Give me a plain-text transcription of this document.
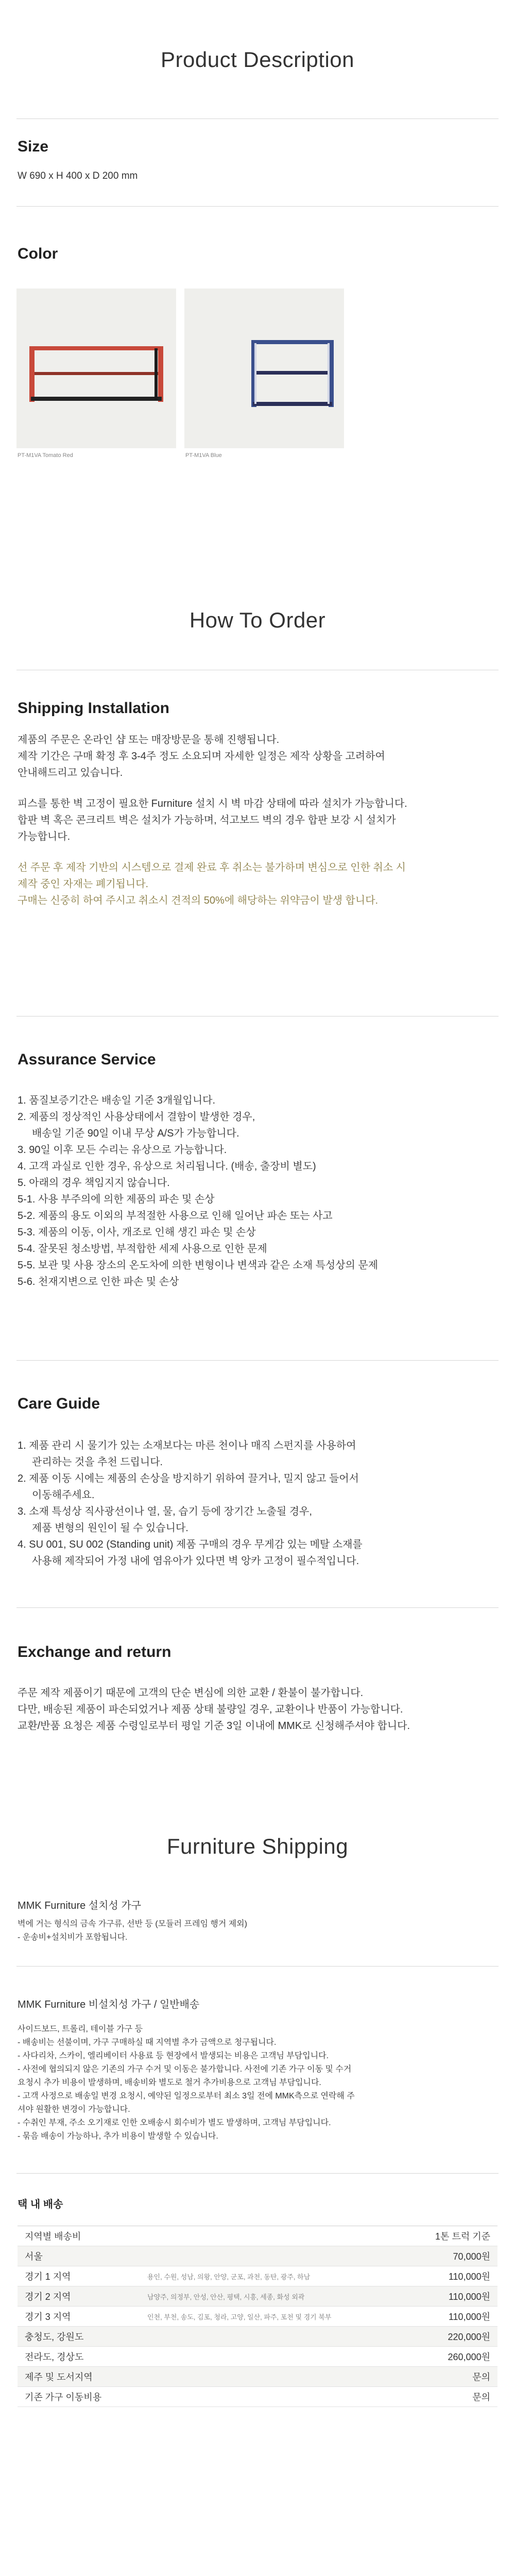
Product Description
Size
W 690 x H 400 x D 200 mm
Color
PT-M1VA Tomato Red	PT-M1VA Blue
How To Order
Shipping Installation
제품의 주문은 온라인 샵 또는 매장방문을 통해 진행됩니다.
제작 기간은 구매 확정 후 3-4주 정도 소요되며 자세한 일정은 제작 상황을 고려하여
안내해드리고 있습니다.
피스를 통한 벽 고정이 필요한 Furniture 설치 시 벽 마감 상태에 따라 설치가 가능합니다.
합판 벽 혹은 콘크리트 벽은 설치가 가능하며, 석고보드 벽의 경우 합판 보강 시 설치가
가능합니다.
선 주문 후 제작 기반의 시스템으로 결제 완료 후 취소는 불가하며 변심으로 인한 취소 시
제작 중인 자재는 폐기됩니다.
구매는 신중히 하여 주시고 취소시 견적의 50%에 해당하는 위약금이 발생 합니다.
Assurance Service
1. 품질보증기간은 배송일 기준 3개월입니다.
2. 제품의 정상적인 사용상태에서 결함이 발생한 경우,
배송일 기준 90일 이내 무상 A/S가 가능합니다.
3. 90일 이후 모든 수리는 유상으로 가능합니다.
4. 고객 과실로 인한 경우, 유상으로 처리됩니다. (배송, 출장비 별도)
5. 아래의 경우 책임지지 않습니다.
5-1. 사용 부주의에 의한 제품의 파손 및 손상
5-2. 제품의 용도 이외의 부적절한 사용으로 인해 일어난 파손 또는 사고
5-3. 제품의 이동, 이사, 개조로 인해 생긴 파손 및 손상
5-4. 잘못된 청소방법, 부적합한 세제 사용으로 인한 문제
5-5. 보관 및 사용 장소의 온도차에 의한 변형이나 변색과 같은 소재 특성상의 문제
5-6. 천재지변으로 인한 파손 및 손상
Care Guide
1. 제품 관리 시 물기가 있는 소재보다는 마른 천이나 매직 스펀지를 사용하여
관리하는 것을 추천 드립니다.
2. 제품 이동 시에는 제품의 손상을 방지하기 위하여 끌거나, 밀지 않고 들어서
이동해주세요.
3. 소재 특성상 직사광선이나 열, 물, 습기 등에 장기간 노출될 경우,
제품 변형의 원인이 될 수 있습니다.
4. SU 001, SU 002 (Standing unit) 제품 구매의 경우 무게감 있는 메탈 소재를
사용해 제작되어 가정 내에 염유아가 있다면 벽 앙카 고정이 필수적입니다.
Exchange and return
주문 제작 제품이기 때문에 고객의 단순 변심에 의한 교환 / 환불이 불가합니다.
다만, 배송된 제품이 파손되었거나 제품 상태 불량일 경우, 교환이나 반품이 가능합니다.
교환/반품 요청은 제품 수령일로부터 평일 기준 3일 이내에 MMK로 신청해주셔야 합니다.
Furniture Shipping
MMK Furniture 설치성 가구
벽에 거는 형식의 금속 가구류, 선반 등 (모듈러 프레임 행거 제외)
- 운송비+설치비가 포함됩니다.
MMK Furniture 비설치성 가구 / 일반배송
사이드보드, 트롤리, 테이블 가구 등
- 배송비는 선불이며, 가구 구매하실 때 지역별 추가 금액으로 청구됩니다.
- 사다리차, 스카이, 엘리베이터 사용료 등 현장에서 발생되는 비용은 고객님 부담입니다.
- 사전에 협의되지 않은 기존의 가구 수거 및 이동은 불가합니다. 사전에 기존 가구 이동 및 수거
요청시 추가 비용이 발생하며, 배송비와 별도로 철거 추가비용으로 고객님 부담입니다.
- 고객 사정으로 배송일 변경 요청시, 예약된 일정으로부터 최소 3일 전에 MMK측으로 연락해 주
셔야 원활한 변경이 가능합니다.
- 수취인 부재, 주소 오기재로 인한 오배송시 회수비가 별도 발생하며, 고객님 부담입니다.
- 묶음 배송이 가능하나, 추가 비용이 발생할 수 있습니다.
택 내 배송
지역별 배송비		1톤 트럭 기준
서울		70,000원
경기 1 지역	용인, 수원, 성남, 의왕, 안양, 군포, 과천, 동탄, 광주, 하남	110,000원
경기 2 지역	남양주, 의정부, 안성, 안산, 평택, 시흥, 세종, 화성 외곽	110,000원
경기 3 지역	인천, 부천, 송도, 김포, 청라, 고양, 일산, 파주, 포천 및 경기 북부	110,000원
충청도, 강원도		220,000원
전라도, 경상도		260,000원
제주 및 도서지역		문의
기존 가구 이동비용		문의
